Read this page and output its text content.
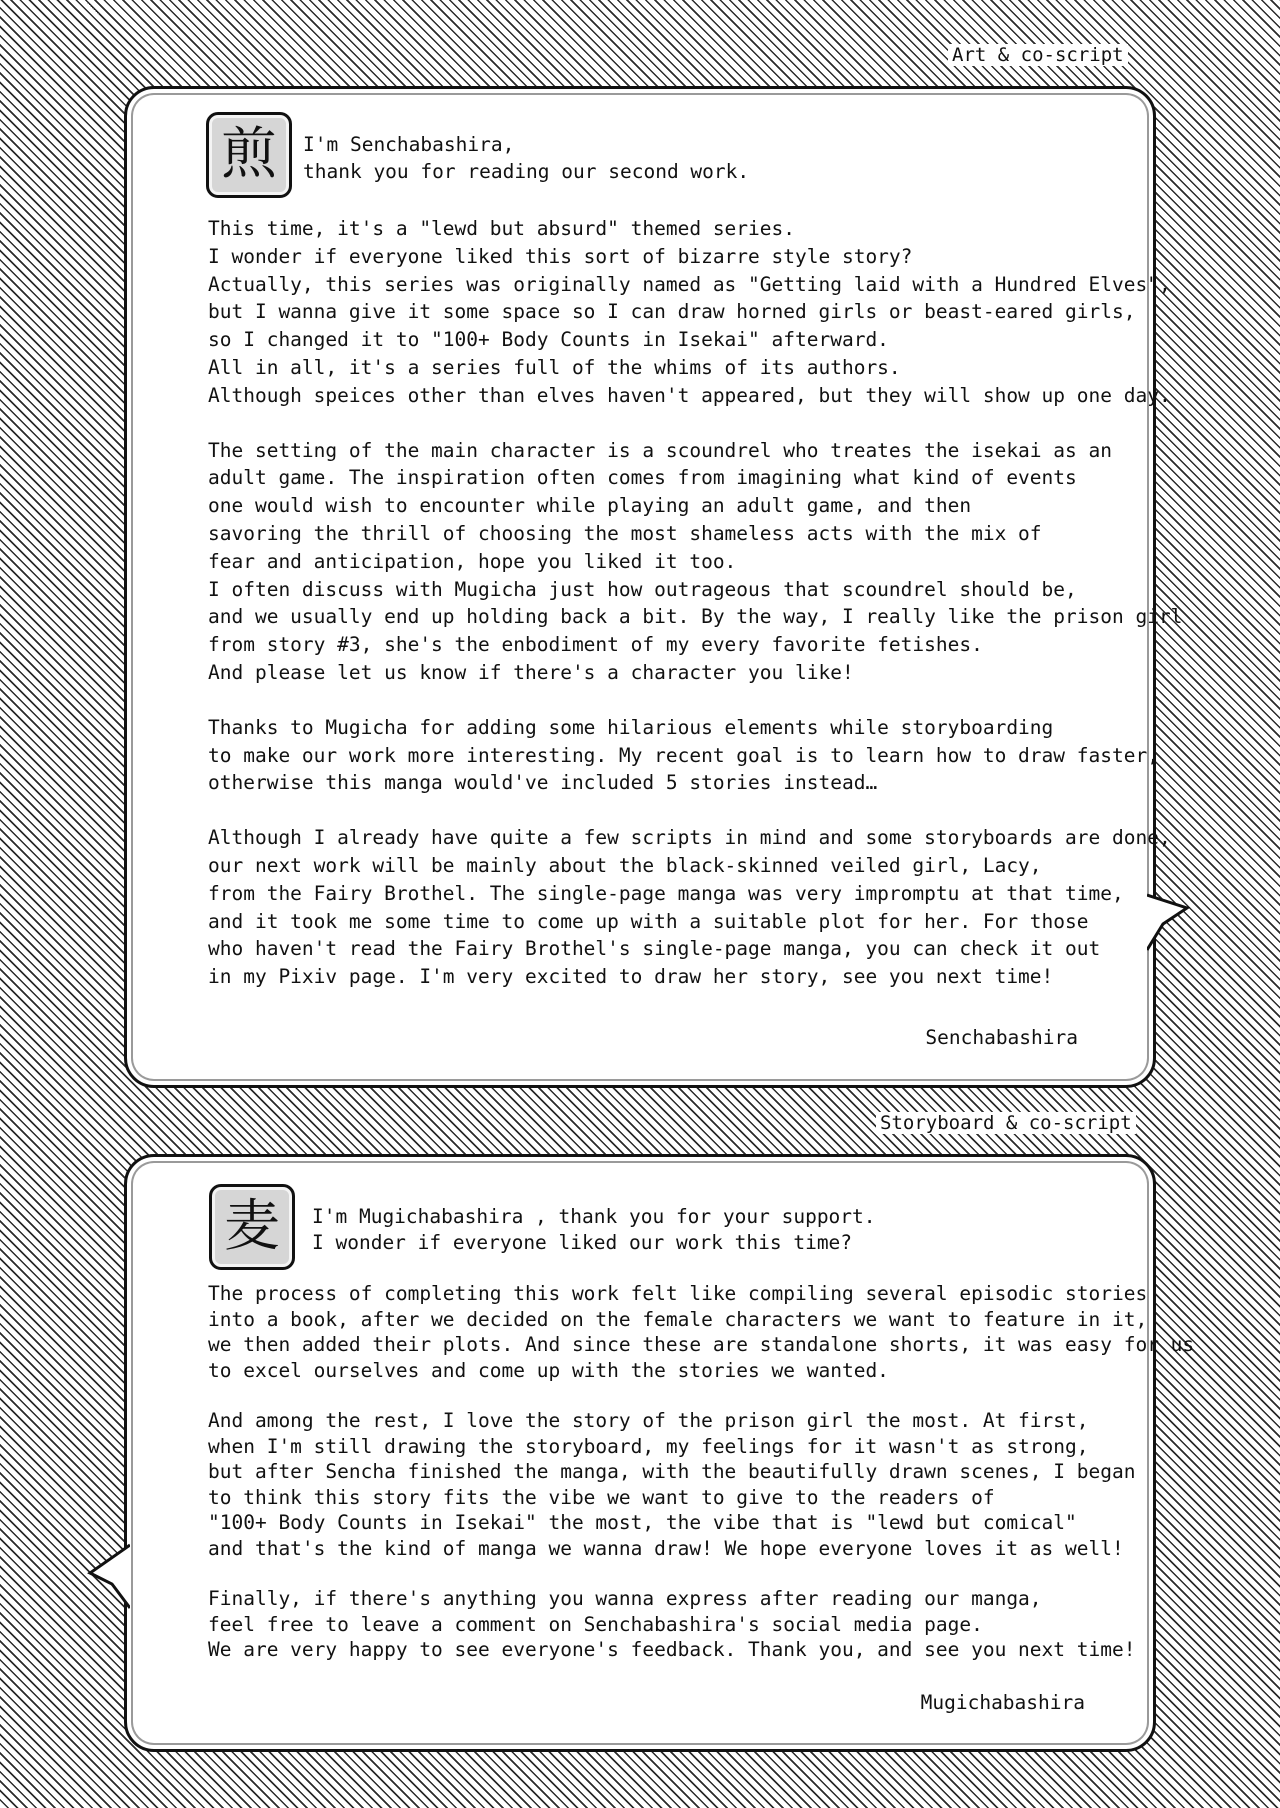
Art & co-script
煎	I'm Senchabashira,
thank you for reading our second work.

This time, it's a "lewd but absurd" themed series.
I wonder if everyone liked this sort of bizarre style story?
Actually, this series was originally named as "Getting laid with a Hundred Elves",
but I wanna give it some space so I can draw horned girls or beast-eared girls,
so I changed it to "100+ Body Counts in Isekai" afterward.
All in all, it's a series full of the whims of its authors.
Although speices other than elves haven't appeared, but they will show up one day.

The setting of the main character is a scoundrel who treates the isekai as an
adult game. The inspiration often comes from imagining what kind of events
one would wish to encounter while playing an adult game, and then
savoring the thrill of choosing the most shameless acts with the mix of
fear and anticipation, hope you liked it too.
I often discuss with Mugicha just how outrageous that scoundrel should be,
and we usually end up holding back a bit. By the way, I really like the prison girl
from story #3, she's the enbodiment of my every favorite fetishes.
And please let us know if there's a character you like!

Thanks to Mugicha for adding some hilarious elements while storyboarding
to make our work more interesting. My recent goal is to learn how to draw faster,
otherwise this manga would've included 5 stories instead…

Although I already have quite a few scripts in mind and some storyboards are done,
our next work will be mainly about the black-skinned veiled girl, Lacy,
from the Fairy Brothel. The single-page manga was very impromptu at that time,
and it took me some time to come up with a suitable plot for her. For those
who haven't read the Fairy Brothel's single-page manga, you can check it out
in my Pixiv page. I'm very excited to draw her story, see you next time!

Senchabashira
Storyboard & co-script
麦	I'm Mugichabashira , thank you for your support.
I wonder if everyone liked our work this time?

The process of completing this work felt like compiling several episodic stories
into a book, after we decided on the female characters we want to feature in it,
we then added their plots. And since these are standalone shorts, it was easy for us
to excel ourselves and come up with the stories we wanted.

And among the rest, I love the story of the prison girl the most. At first,
when I'm still drawing the storyboard, my feelings for it wasn't as strong,
but after Sencha finished the manga, with the beautifully drawn scenes, I began
to think this story fits the vibe we want to give to the readers of
"100+ Body Counts in Isekai" the most, the vibe that is "lewd but comical"
and that's the kind of manga we wanna draw! We hope everyone loves it as well!

Finally, if there's anything you wanna express after reading our manga,
feel free to leave a comment on Senchabashira's social media page.
We are very happy to see everyone's feedback. Thank you, and see you next time!

Mugichabashira
